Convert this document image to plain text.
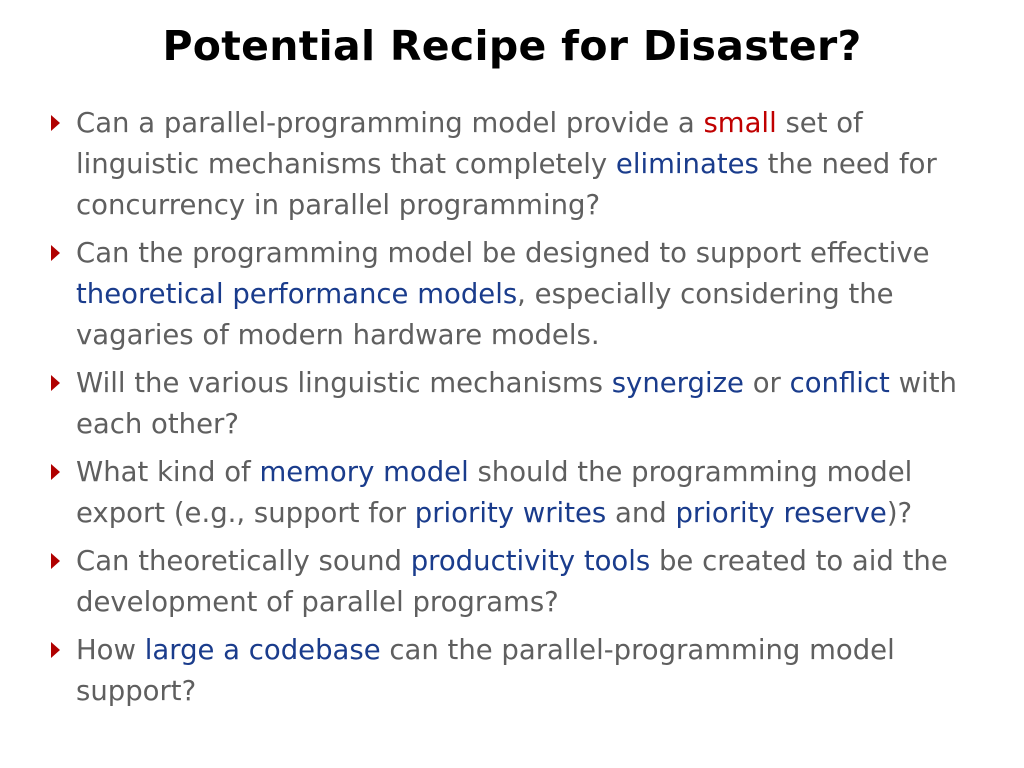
Potential Recipe for Disaster?
Can a parallel-programming model provide a small set of linguistic mechanisms that completely eliminates the need for concurrency in parallel programming?
Can the programming model be designed to support effective theoretical performance models, especially considering the vagaries of modern hardware models.
Will the various linguistic mechanisms synergize or conflict with each other?
What kind of memory model should the programming model export (e.g., support for priority writes and priority reserve)?
Can theoretically sound productivity tools be created to aid the development of parallel programs?
How large a codebase can the parallel-programming model support?
